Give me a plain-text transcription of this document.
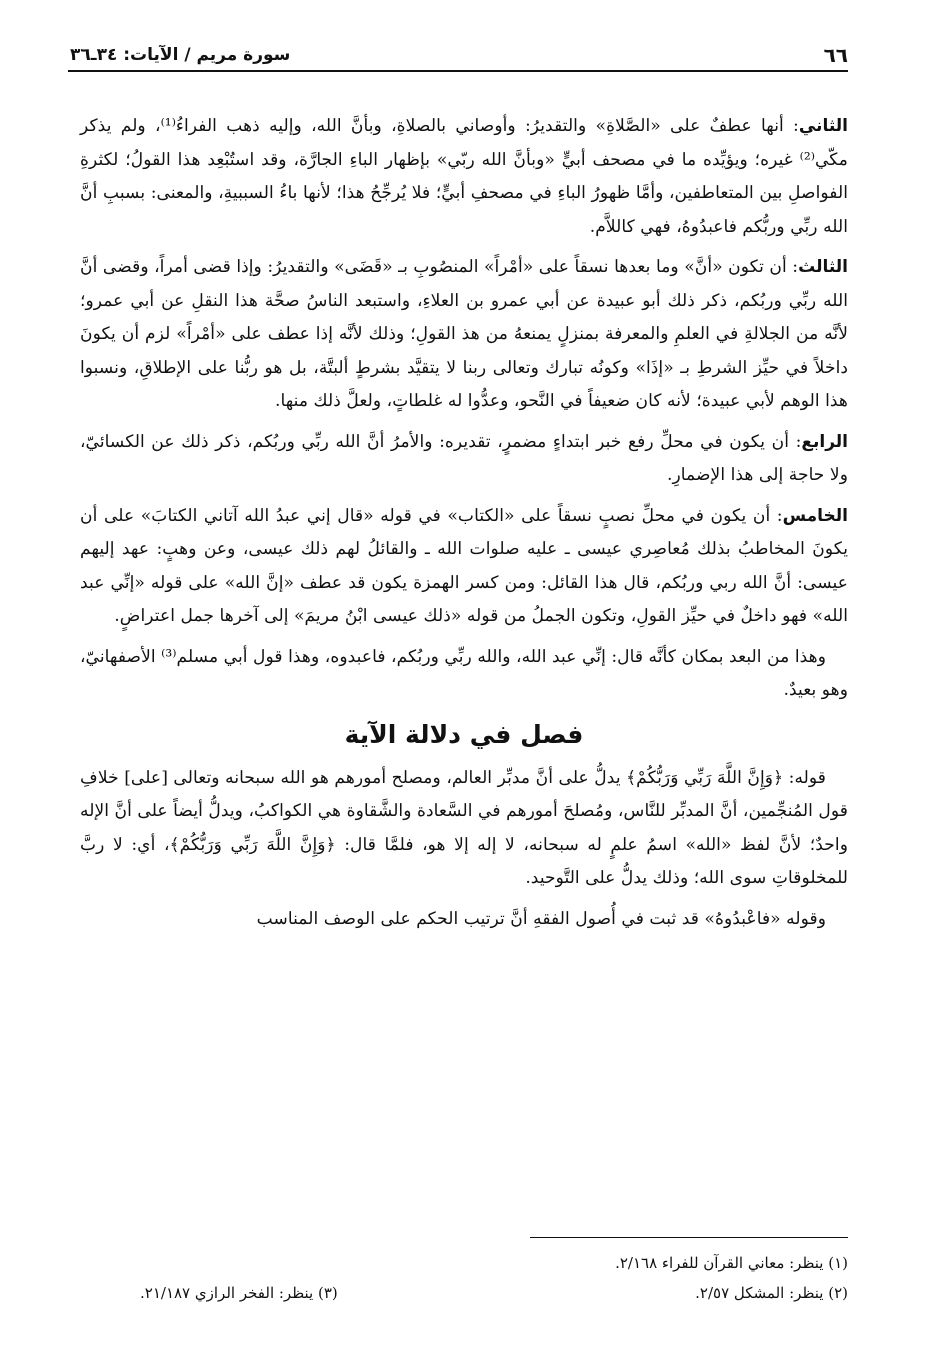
٦٦
سورة مريم / الآيات: ٣٤ـ٣٦

الثاني: أنها عطفٌ على «الصَّلاةِ» والتقديرُ: وأوصاني بالصلاةِ، وبأنَّ الله، وإليه ذهب الفراءُ⁽¹⁾، ولم يذكر مكّي⁽²⁾ غيره؛ ويؤيِّده ما في مصحف أبيٍّ «وبأنَّ الله ربّي» بإظهار الباءِ الجارَّة، وقد استُبْعِد هذا القولُ؛ لكثرةِ الفواصلِ بين المتعاطفين، وأمَّا ظهورُ الباءِ في مصحفِ أبيٍّ؛ فلا يُرجِّحُ هذا؛ لأنها باءُ السببيةِ، والمعنى: بسببِ أنَّ الله ربِّي وربُّكم فاعبدُوهُ، فهي كاللاَّم.

الثالث: أن تكون «أنَّ» وما بعدها نسقاً على «أمْراً» المنصُوبِ بـ «قَضَى» والتقديرُ: وإذا قضى أمراً، وقضى أنَّ الله ربِّي وربُكم، ذكر ذلك أبو عبيدة عن أبي عمرو بن العلاءِ، واستبعد الناسُ صحَّة هذا النقلِ عن أبي عمرو؛ لأنَّه من الجلالةِ في العلمِ والمعرفة بمنزلٍ يمنعهُ من هذ القولِ؛ وذلك لأنَّه إذا عطف على «أمْراً» لزم أن يكونَ داخلاً في حيِّز الشرطِ بـ «إذَا» وكونُه تبارك وتعالى ربنا لا يتقيَّد بشرطٍ ألبتَّة، بل هو ربُّنا على الإطلاقِ، ونسبوا هذا الوهم لأبي عبيدة؛ لأنه كان ضعيفاً في النَّحو، وعدُّوا له غلطاتٍ، ولعلَّ ذلك منها.

الرابع: أن يكون في محلِّ رفع خبر ابتداءٍ مضمرٍ، تقديره: والأمرُ أنَّ الله ربِّي وربُكم، ذكر ذلك عن الكسائيّ، ولا حاجة إلى هذا الإضمارِ.

الخامس: أن يكون في محلِّ نصبٍ نسقاً على «الكتاب» في قوله «قال إني عبدُ الله آتاني الكتابَ» على أن يكونَ المخاطبُ بذلك مُعاصِري عيسى ـ عليه صلوات الله ـ والقائلُ لهم ذلك عيسى، وعن وهبٍ: عهد إليهم عيسى: أنَّ الله ربي وربُكم، قال هذا القائل: ومن كسر الهمزة يكون قد عطف «إنَّ الله» على قوله «إنِّي عبد الله» فهو داخلٌ في حيِّز القولِ، وتكون الجملُ من قوله «ذلك عيسى ابْنُ مريمَ» إلى آخرها جمل اعتراضٍ.

وهذا من البعد بمكان كأنَّه قال: إنِّي عبد الله، والله ربِّي وربُكم، فاعبدوه، وهذا قول أبي مسلم⁽³⁾ الأصفهانيّ، وهو بعيدٌ.

فصل في دلالة الآية

قوله: ﴿وَإِنَّ اللَّهَ رَبِّي وَرَبُّكُمْ﴾ يدلُّ على أنَّ مدبِّر العالم، ومصلح أمورهم هو الله سبحانه وتعالى [على] خلافِ قول المُنجِّمين، أنَّ المدبِّر للنَّاس، ومُصلحَ أمورهم في السَّعادة والشَّقاوة هي الكواكبُ، ويدلُّ أيضاً على أنَّ الإله واحدٌ؛ لأنَّ لفظ «الله» اسمُ علمٍ له سبحانه، لا إله إلا هو، فلمَّا قال: ﴿وَإِنَّ اللَّهَ رَبِّي وَرَبُّكُمْ﴾، أي: لا ربَّ للمخلوقاتِ سوى الله؛ وذلك يدلُّ على التَّوحيد.

وقوله «فاعْبدُوهُ» قد ثبت في أُصول الفقهِ أنَّ ترتيب الحكم على الوصف المناسب

(١) ينظر: معاني القرآن للفراء ٢/١٦٨.
(٢) ينظر: المشكل ٢/٥٧.
(٣) ينظر: الفخر الرازي ٢١/١٨٧.
